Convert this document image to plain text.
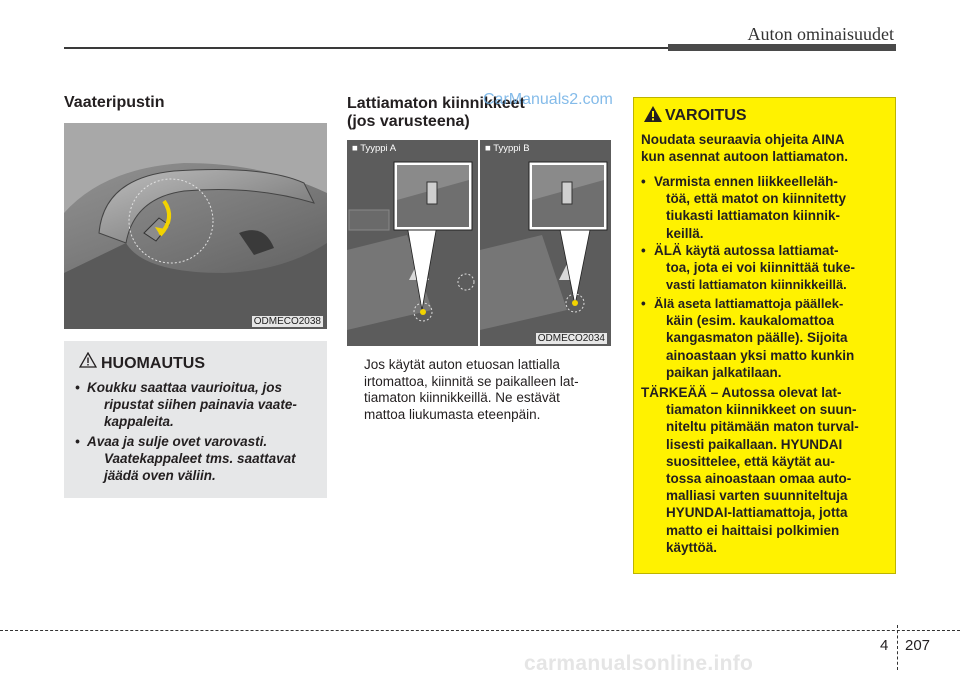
Auton ominaisuudet
Vaateripustin
ODMECO2038
HUOMAUTUS
• Koukku saattaa vaurioitua, jos
ripustat siihen painavia vaate-
kappaleita.
• Avaa ja sulje ovet varovasti.
Vaatekappaleet tms. saattavat
jäädä oven väliin.
Lattiamaton kiinnikkeet
(jos varusteena)
CarManuals2.com
■ Tyyppi A	■ Tyyppi B
ODMECO2034
Jos käytät auton etuosan lattialla
irtomattoa, kiinnitä se paikalleen lat-
tiamaton kiinnikkeillä. Ne estävät
mattoa liukumasta eteenpäin.
VAROITUS
Noudata seuraavia ohjeita AINA
kun asennat autoon lattiamaton.
• Varmista ennen liikkeelleläh-
töä, että matot on kiinnitetty
tiukasti lattiamaton kiinnik-
keillä.
• ÄLÄ käytä autossa lattiamat-
toa, jota ei voi kiinnittää tuke-
vasti lattiamaton kiinnikkeillä.
• Älä aseta lattiamattoja päällek-
käin (esim. kaukalomattoa
kangasmaton päälle). Sijoita
ainoastaan yksi matto kunkin
paikan jalkatilaan.
TÄRKEÄÄ – Autossa olevat lat-
tiamaton kiinnikkeet on suun-
niteltu pitämään maton turval-
lisesti paikallaan. HYUNDAI
suosittelee, että käytät au-
tossa ainoastaan omaa auto-
malliasi varten suunniteltuja
HYUNDAI-lattiamattoja, jotta
matto ei haittaisi polkimien
käyttöä.
4 207
carmanualsonline.info
